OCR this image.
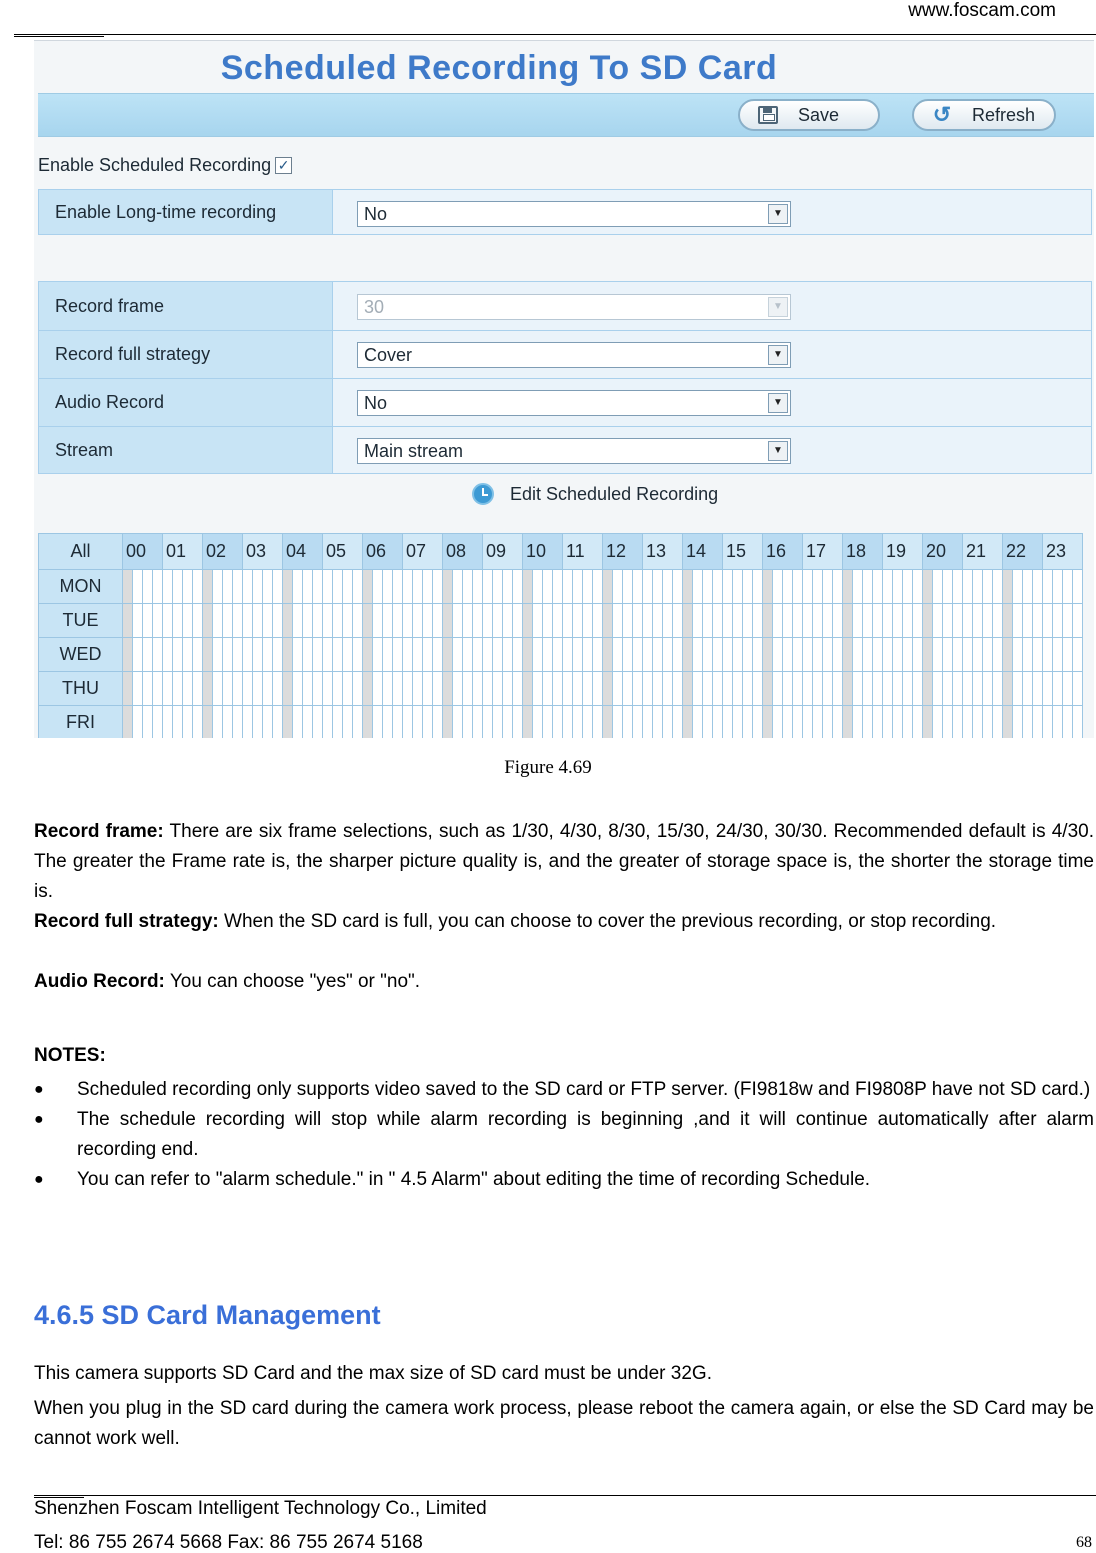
www.foscam.com
Scheduled Recording To SD Card
Save	↺ Refresh
Enable Scheduled Recording ✓
Enable Long-time recording	No	▼
Record frame	30	▼
Record full strategy	Cover	▼
Audio Record	No	▼
Stream	Main stream	▼
Edit Scheduled Recording
All	00	01	02	03	04	05	06	07	08	09	10	11	12	13	14	15	16	17	18	19	20	21	22	23
MON																																																																																																
TUE																																																																																																
WED																																																																																																
THU																																																																																																
FRI																																																																																																
Figure 4.69

Record frame: There are six frame selections, such as 1/30, 4/30, 8/30, 15/30, 24/30, 30/30. Recommended default is 4/30. The greater the Frame rate is, the sharper picture quality is, and the greater of storage space is, the shorter the storage time is.

Record full strategy: When the SD card is full, you can choose to cover the previous recording, or stop recording.

Audio Record: You can choose "yes" or "no".

NOTES:
● Scheduled recording only supports video saved to the SD card or FTP server. (FI9818w and FI9808P have not SD card.)
● The schedule recording will stop while alarm recording is beginning ,and it will continue automatically after alarm recording end.
● You can refer to "alarm schedule." in " 4.5 Alarm" about editing the time of recording Schedule.
4.6.5 SD Card Management

This camera supports SD Card and the max size of SD card must be under 32G.

When you plug in the SD card during the camera work process, please reboot the camera again, or else the SD Card may be cannot work well.

Shenzhen Foscam Intelligent Technology Co., Limited
Tel: 86 755 2674 5668 Fax: 86 755 2674 5168	68
